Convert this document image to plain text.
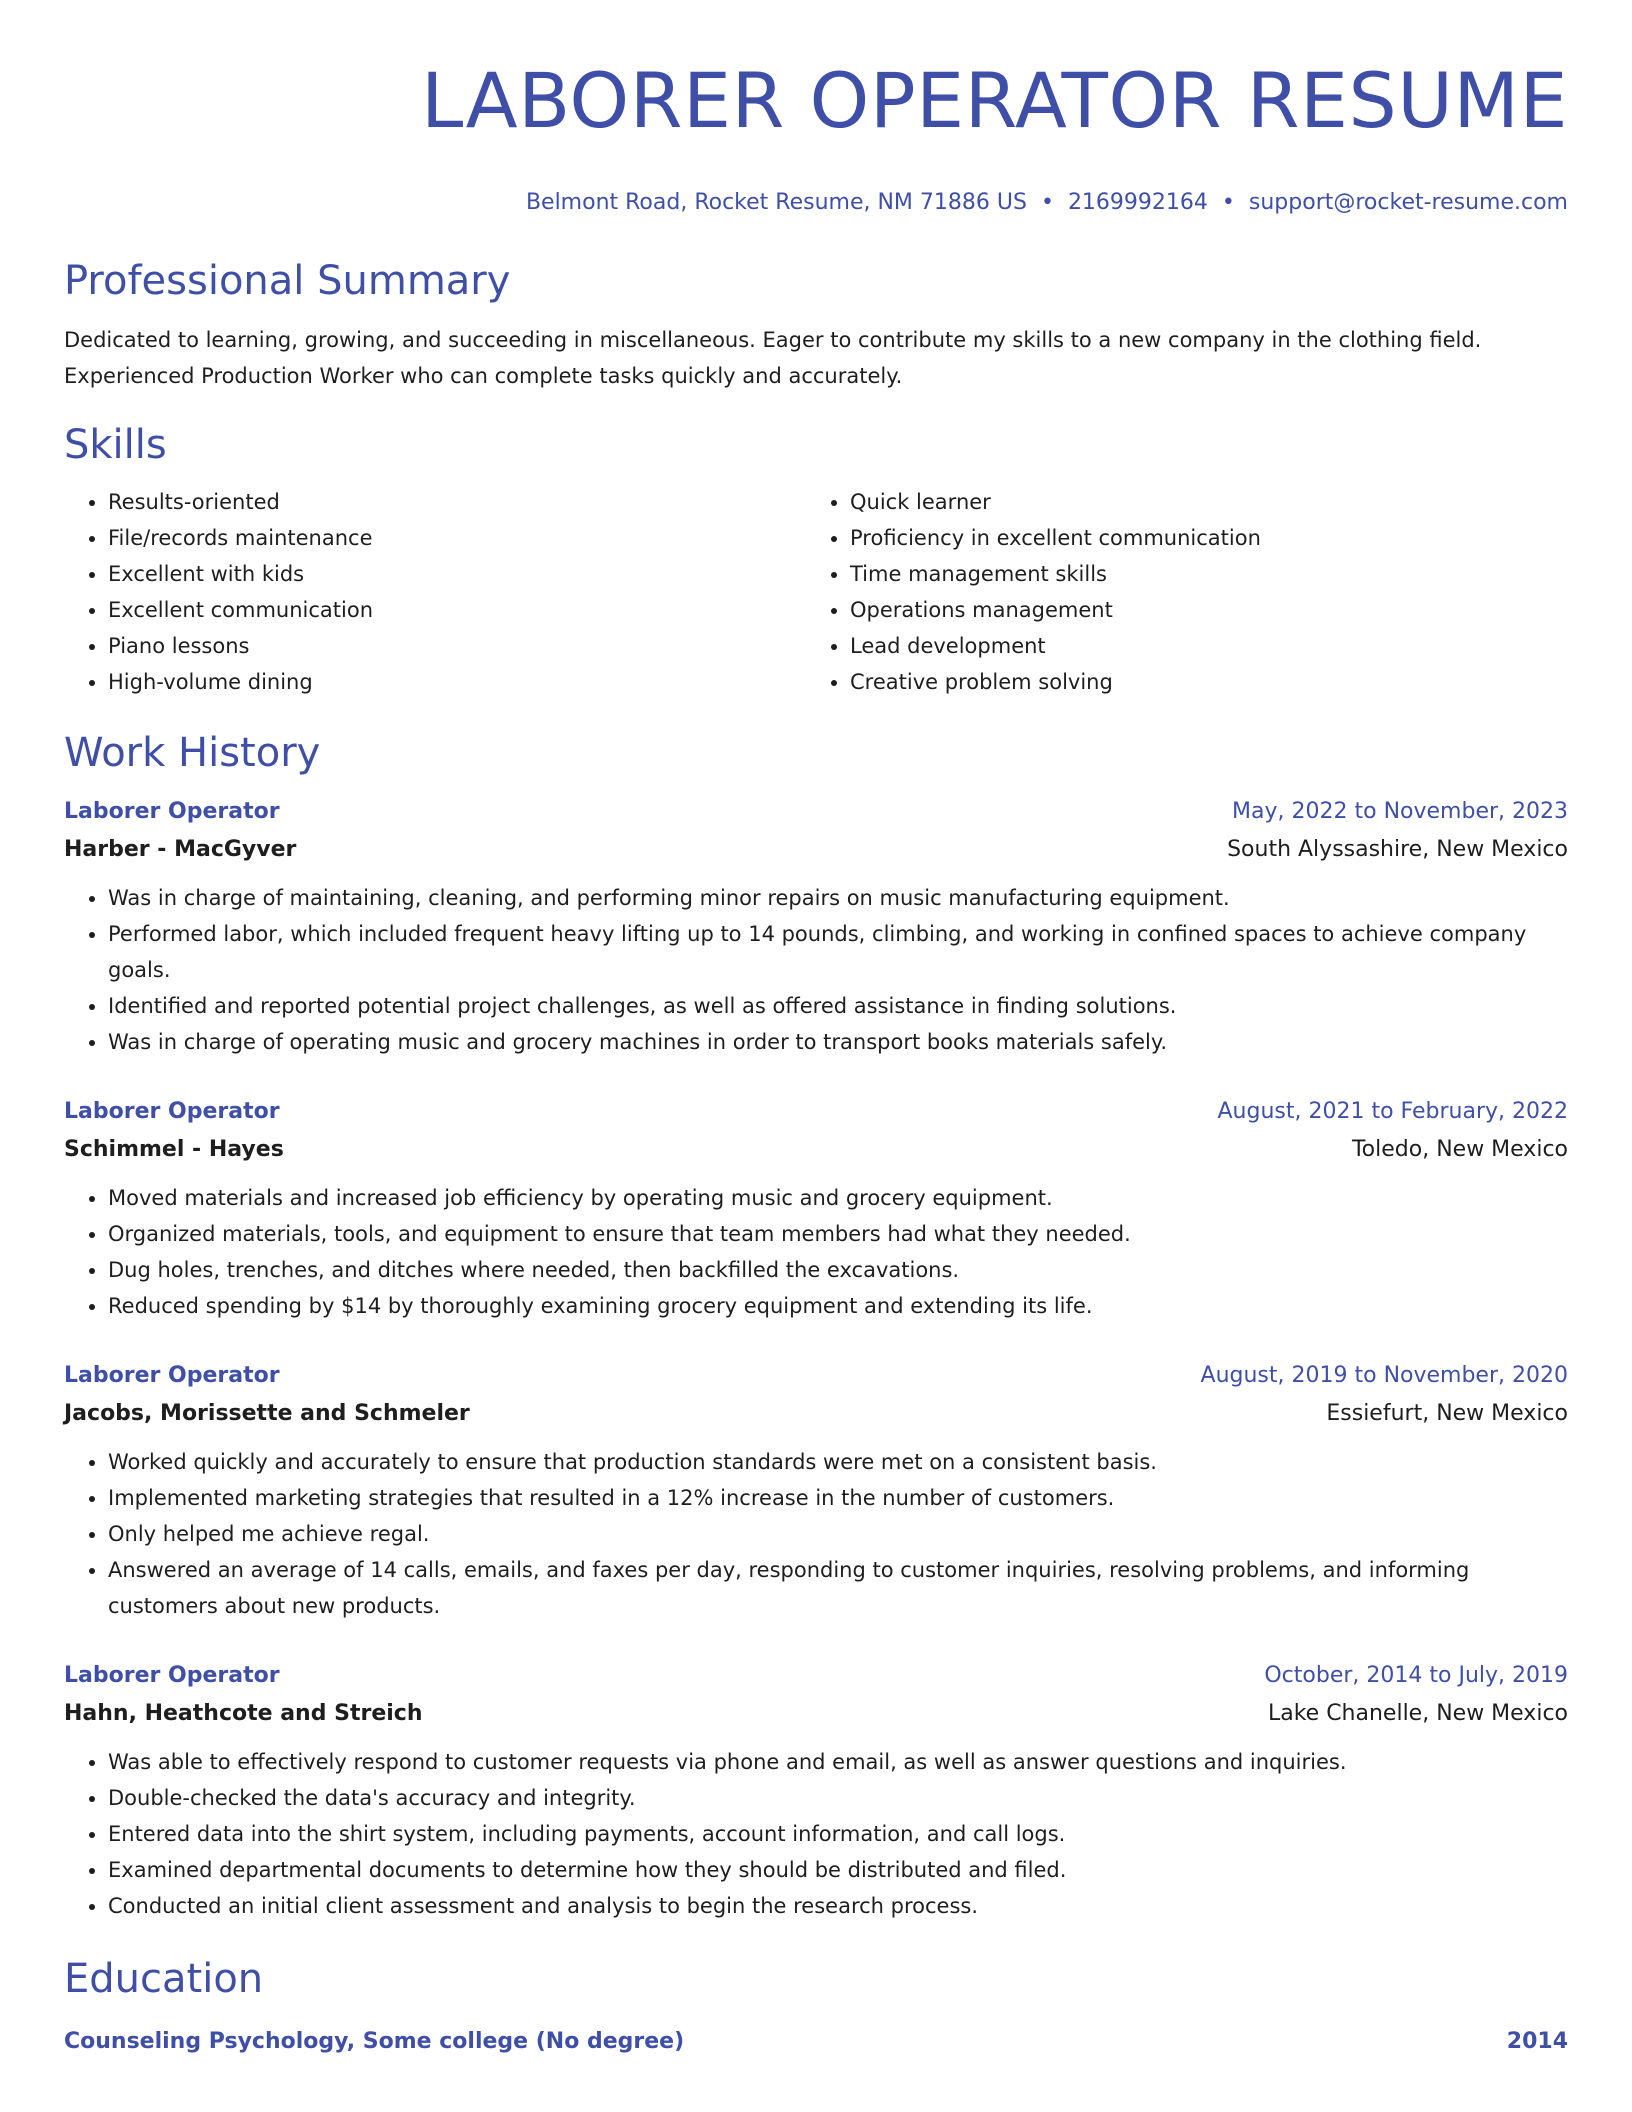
LABORER OPERATOR RESUME
Belmont Road, Rocket Resume, NM 71886 US • 2169992164 • support@rocket-resume.com
Professional Summary
Dedicated to learning, growing, and succeeding in miscellaneous. Eager to contribute my skills to a new company in the clothing field. Experienced Production Worker who can complete tasks quickly and accurately.
Skills
• Results-oriented
• File/records maintenance
• Excellent with kids
• Excellent communication
• Piano lessons
• High-volume dining
• Quick learner
• Proficiency in excellent communication
• Time management skills
• Operations management
• Lead development
• Creative problem solving
Work History
Laborer Operator	May, 2022 to November, 2023
Harber - MacGyver	South Alyssashire, New Mexico
• Was in charge of maintaining, cleaning, and performing minor repairs on music manufacturing equipment.
• Performed labor, which included frequent heavy lifting up to 14 pounds, climbing, and working in confined spaces to achieve company goals.
• Identified and reported potential project challenges, as well as offered assistance in finding solutions.
• Was in charge of operating music and grocery machines in order to transport books materials safely.
Laborer Operator	August, 2021 to February, 2022
Schimmel - Hayes	Toledo, New Mexico
• Moved materials and increased job efficiency by operating music and grocery equipment.
• Organized materials, tools, and equipment to ensure that team members had what they needed.
• Dug holes, trenches, and ditches where needed, then backfilled the excavations.
• Reduced spending by $14 by thoroughly examining grocery equipment and extending its life.
Laborer Operator	August, 2019 to November, 2020
Jacobs, Morissette and Schmeler	Essiefurt, New Mexico
• Worked quickly and accurately to ensure that production standards were met on a consistent basis.
• Implemented marketing strategies that resulted in a 12% increase in the number of customers.
• Only helped me achieve regal.
• Answered an average of 14 calls, emails, and faxes per day, responding to customer inquiries, resolving problems, and informing customers about new products.
Laborer Operator	October, 2014 to July, 2019
Hahn, Heathcote and Streich	Lake Chanelle, New Mexico
• Was able to effectively respond to customer requests via phone and email, as well as answer questions and inquiries.
• Double-checked the data's accuracy and integrity.
• Entered data into the shirt system, including payments, account information, and call logs.
• Examined departmental documents to determine how they should be distributed and filed.
• Conducted an initial client assessment and analysis to begin the research process.
Education
Counseling Psychology, Some college (No degree)	2014
